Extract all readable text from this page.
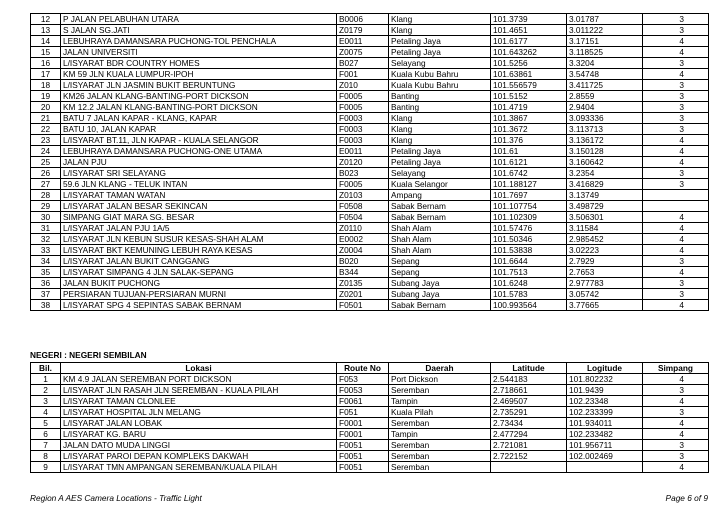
12	P JALAN PELABUHAN UTARA	B0006	Klang	101.3739	3.01787	3
13	S JALAN SG.JATI	Z0179	Klang	101.4651	3.011222	3
14	LEBUHRAYA DAMANSARA PUCHONG-TOL PENCHALA	E0011	Petaling Jaya	101.6177	3.17151	4
15	JALAN UNIVERSITI	Z0075	Petaling Jaya	101.643262	3.118525	4
16	L/ISYARAT BDR COUNTRY HOMES	B027	Selayang	101.5256	3.3204	3
17	KM 59 JLN KUALA LUMPUR-IPOH	F001	Kuala Kubu Bahru	101.63861	3.54748	4
18	L/ISYARAT JLN JASMIN BUKIT BERUNTUNG	Z010	Kuala Kubu Bahru	101.556579	3.411725	3
19	KM26 JALAN KLANG-BANTING-PORT DICKSON	F0005	Banting	101.5152	2.8559	3
20	KM 12.2 JALAN KLANG-BANTING-PORT DICKSON	F0005	Banting	101.4719	2.9404	3
21	BATU 7 JALAN KAPAR - KLANG, KAPAR	F0003	Klang	101.3867	3.093336	3
22	BATU 10, JALAN KAPAR	F0003	Klang	101.3672	3.113713	3
23	L/ISYARAT BT.11, JLN KAPAR - KUALA SELANGOR	F0003	Klang	101.376	3.136172	4
24	LEBUHRAYA DAMANSARA PUCHONG-ONE UTAMA	E0011	Petaling Jaya	101.61	3.150128	4
25	JALAN PJU	Z0120	Petaling Jaya	101.6121	3.160642	4
26	L/ISYARAT SRI SELAYANG	B023	Selayang	101.6742	3.2354	3
27	59.6 JLN KLANG - TELUK INTAN	F0005	Kuala Selangor	101.188127	3.416829	3
28	L/ISYARAT TAMAN WATAN	Z0103	Ampang	101.7697	3.13749	
29	L/ISYARAT JALAN BESAR SEKINCAN	F0508	Sabak Bernam	101.107754	3.498729	
30	SIMPANG GIAT MARA SG. BESAR	F0504	Sabak Bernam	101.102309	3.506301	4
31	L/ISYARAT JALAN PJU 1A/5	Z0110	Shah Alam	101.57476	3.11584	4
32	L/ISYARAT JLN KEBUN SUSUR KESAS-SHAH ALAM	E0002	Shah Alam	101.50346	2.985452	4
33	L/ISYARAT BKT KEMUNING LEBUH RAYA KESAS	Z0004	Shah Alam	101.53838	3.02223	4
34	L/ISYARAT JALAN BUKIT CANGGANG	B020	Sepang	101.6644	2.7929	3
35	L/ISYARAT SIMPANG 4 JLN SALAK-SEPANG	B344	Sepang	101.7513	2.7653	4
36	JALAN BUKIT PUCHONG	Z0135	Subang Jaya	101.6248	2.977783	3
37	PERSIARAN TUJUAN-PERSIARAN MURNI	Z0201	Subang Jaya	101.5783	3.05742	3
38	L/ISYARAT SPG 4 SEPINTAS SABAK BERNAM	F0501	Sabak Bernam	100.993564	3.77665	4
NEGERI : NEGERI SEMBILAN
Bil.	Lokasi	Route No	Daerah	Latitude	Logitude	Simpang
1	KM 4.9 JALAN SEREMBAN PORT DICKSON	F053	Port Dickson	2.544183	101.802232	4
2	L/ISYARAT JLN RASAH JLN SEREMBAN - KUALA PILAH	F0053	Seremban	2.718661	101.9439	3
3	L/ISYARAT TAMAN CLONLEE	F0061	Tampin	2.469507	102.23348	4
4	L/ISYARAT HOSPITAL JLN MELANG	F051	Kuala Pilah	2.735291	102.233399	3
5	L/ISYARAT JALAN LOBAK	F0001	Seremban	2.73434	101.934011	4
6	L/ISYARAT KG. BARU	F0001	Tampin	2.477294	102.233482	4
7	JALAN DATO MUDA LINGGI	F0051	Seremban	2.721081	101.956711	3
8	L/ISYARAT PAROI DEPAN KOMPLEKS DAKWAH	F0051	Seremban	2.722152	102.002469	3
9	L/ISYARAT TMN AMPANGAN SEREMBAN/KUALA PILAH	F0051	Seremban			4
Region A AES Camera Locations - Traffic Light	Page 6 of 9
